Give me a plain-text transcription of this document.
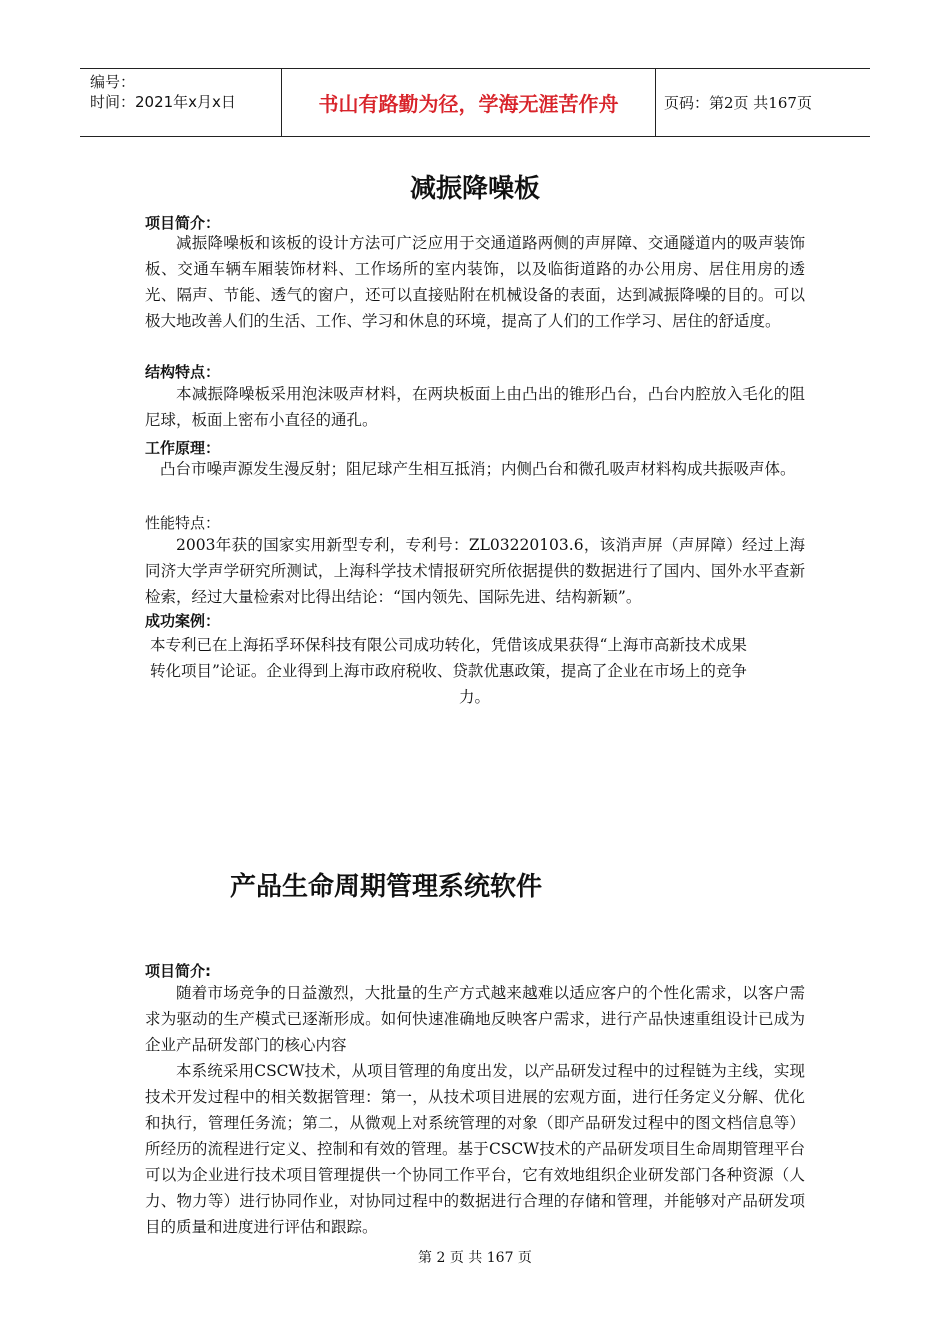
编号：
时间：2021年x月x日	书山有路勤为径，学海无涯苦作舟	页码：第2页 共167页
减振降噪板
项目简介：

减振降噪板和该板的设计方法可广泛应用于交通道路两侧的声屏障、交通隧道内的吸声装饰板、交通车辆车厢装饰材料、工作场所的室内装饰，以及临街道路的办公用房、居住用房的透光、隔声、节能、透气的窗户，还可以直接贴附在机械设备的表面，达到减振降噪的目的。可以极大地改善人们的生活、工作、学习和休息的环境，提高了人们的工作学习、居住的舒适度。

结构特点：

本减振降噪板采用泡沫吸声材料，在两块板面上由凸出的锥形凸台，凸台内腔放入毛化的阻尼球，板面上密布小直径的通孔。

工作原理：

凸台市噪声源发生漫反射；阻尼球产生相互抵消；内侧凸台和微孔吸声材料构成共振吸声体。

性能特点：

2003年获的国家实用新型专利，专利号：ZL03220103.6，该消声屏（声屏障）经过上海同济大学声学研究所测试，上海科学技术情报研究所依据提供的数据进行了国内、国外水平查新检索，经过大量检索对比得出结论：“国内领先、国际先进、结构新颖”。

成功案例：
本专利已在上海拓孚环保科技有限公司成功转化，凭借该成果获得“上海市高新技术成果
转化项目”论证。企业得到上海市政府税收、贷款优惠政策，提高了企业在市场上的竞争
力。
产品生命周期管理系统软件
项目简介:

随着市场竞争的日益激烈，大批量的生产方式越来越难以适应客户的个性化需求，以客户需求为驱动的生产模式已逐渐形成。如何快速准确地反映客户需求，进行产品快速重组设计已成为企业产品研发部门的核心内容

本系统采用CSCW技术，从项目管理的角度出发，以产品研发过程中的过程链为主线，实现技术开发过程中的相关数据管理：第一，从技术项目进展的宏观方面，进行任务定义分解、优化和执行，管理任务流；第二，从微观上对系统管理的对象（即产品研发过程中的图文档信息等）所经历的流程进行定义、控制和有效的管理。基于CSCW技术的产品研发项目生命周期管理平台可以为企业进行技术项目管理提供一个协同工作平台，它有效地组织企业研发部门各种资源（人力、物力等）进行协同作业，对协同过程中的数据进行合理的存储和管理，并能够对产品研发项目的质量和进度进行评估和跟踪。

第 2 页 共 167 页
